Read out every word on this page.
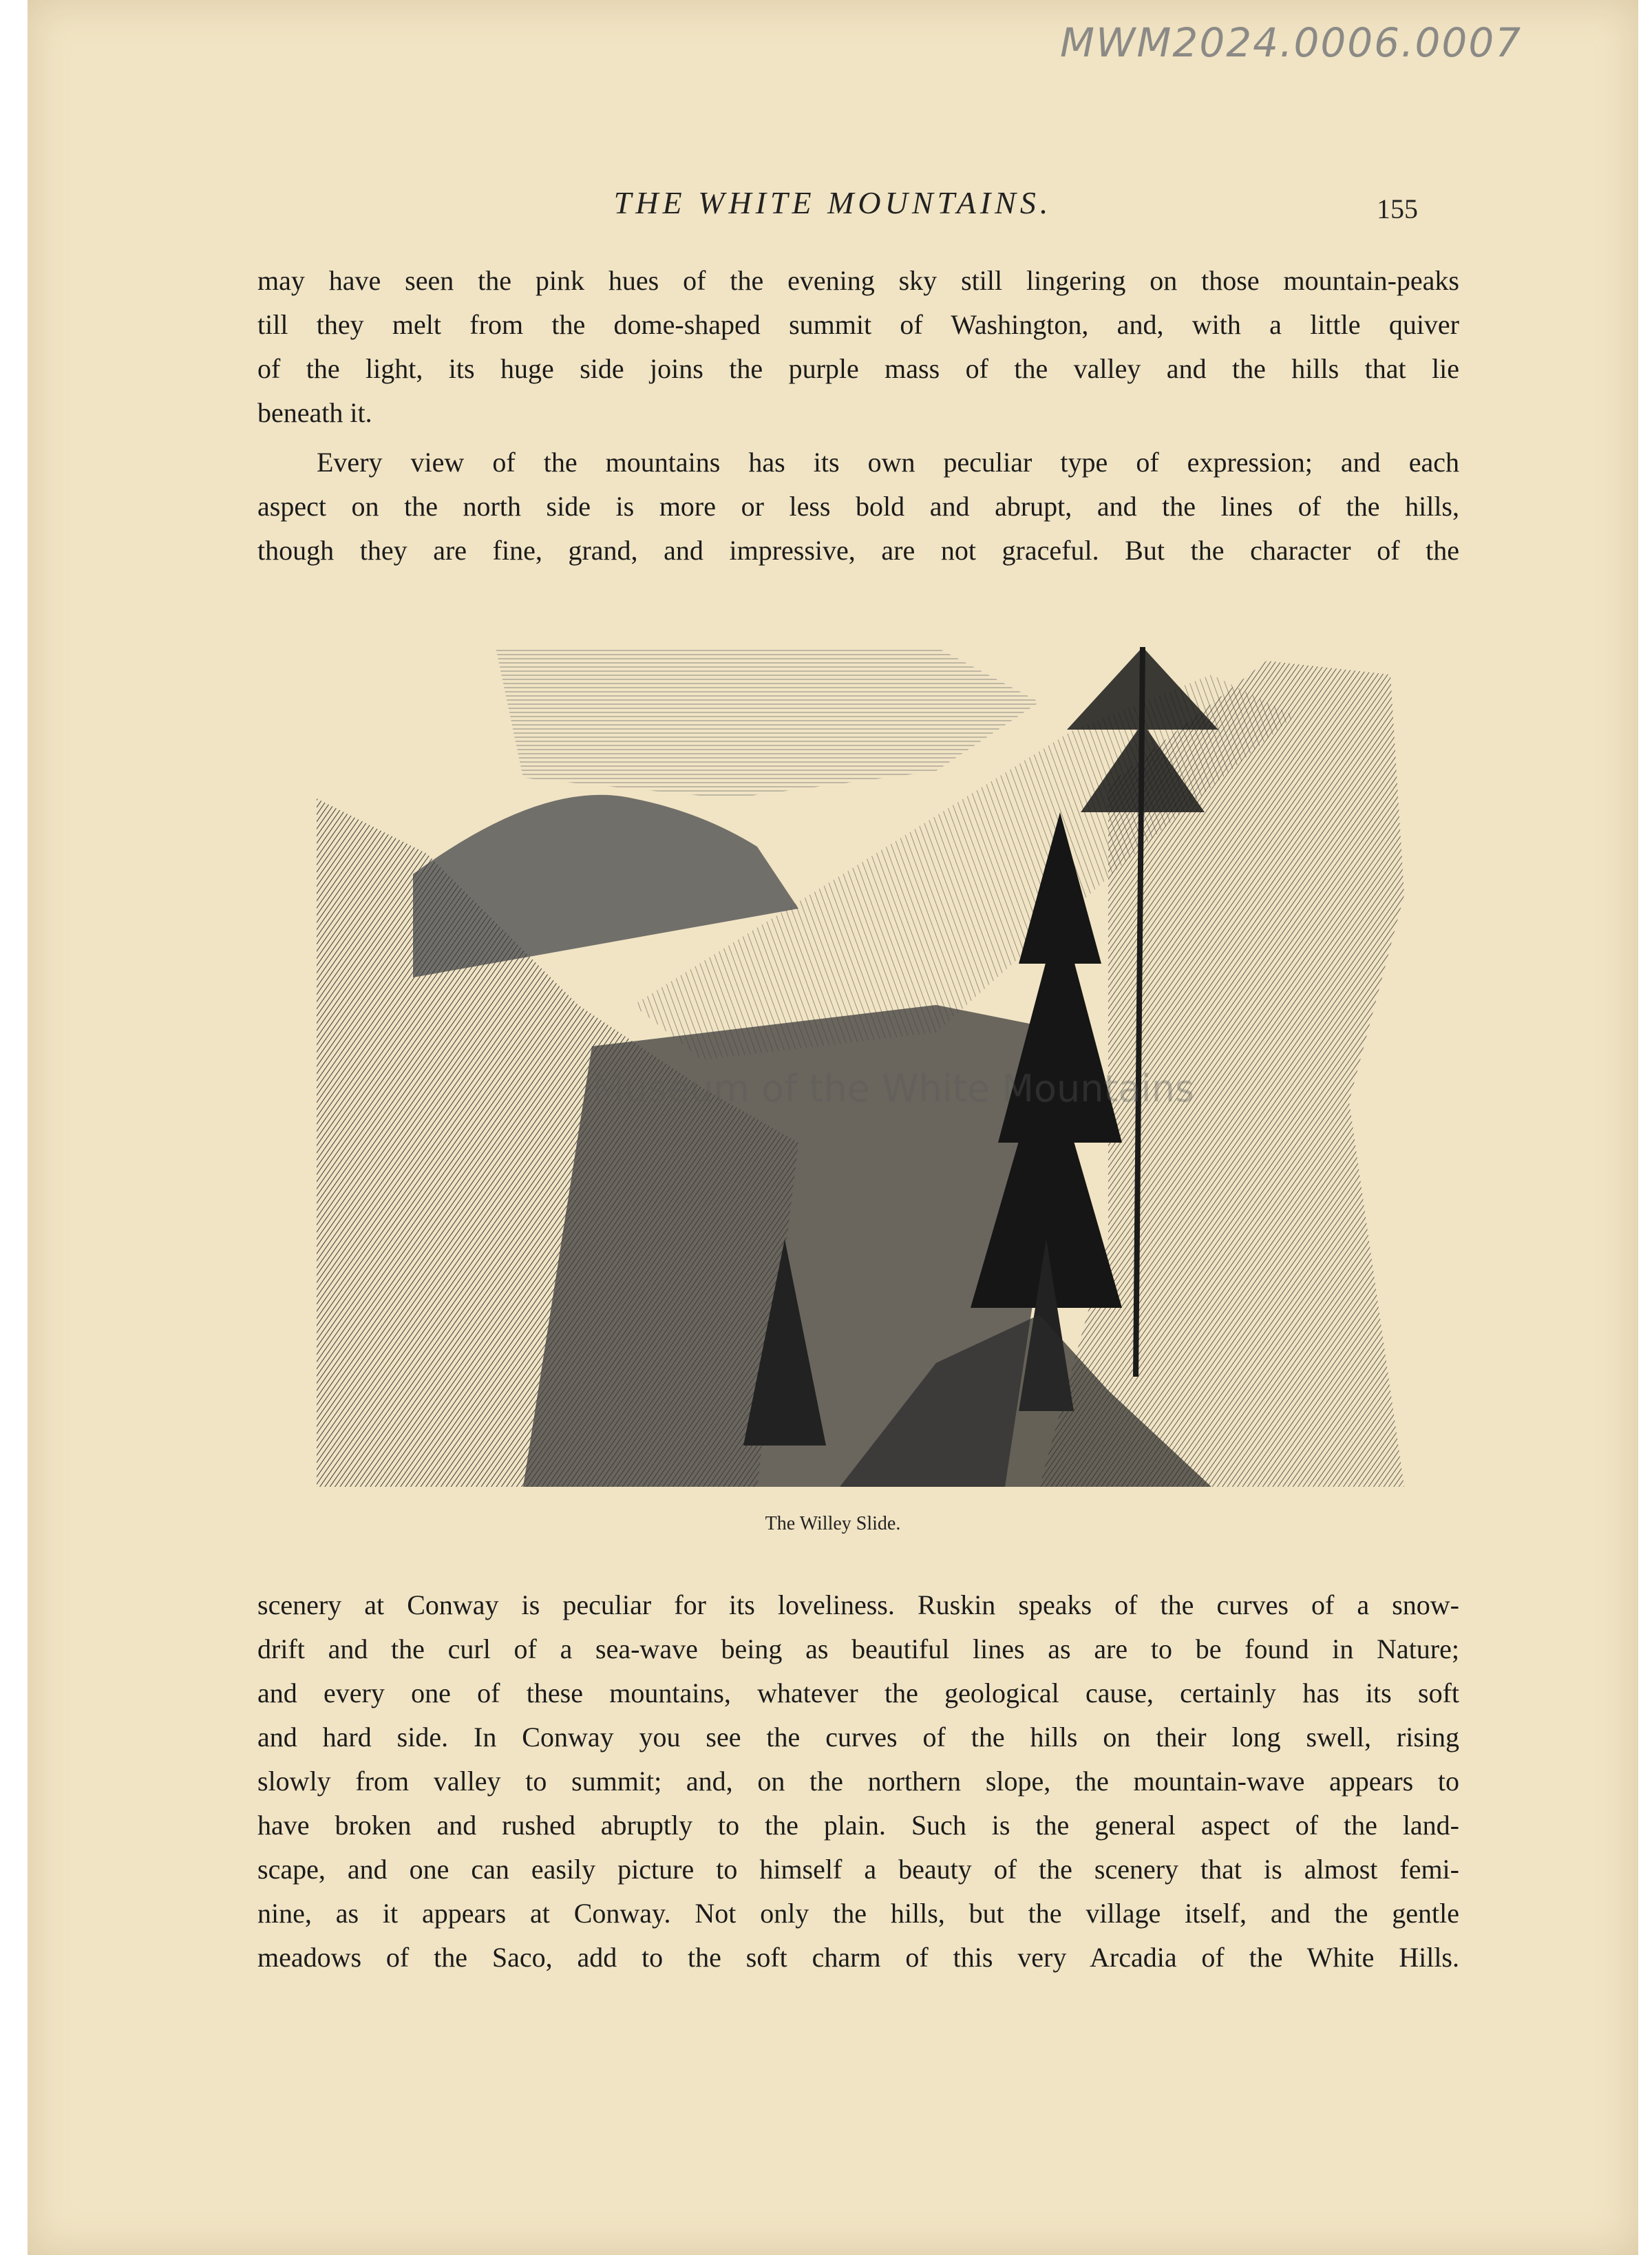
MWM2024.0006.0007
THE WHITE MOUNTAINS.	155
may have seen the pink hues of the evening sky still lingering on those mountain-peaks
till they melt from the dome-shaped summit of Washington, and, with a little quiver
of the light, its huge side joins the purple mass of the valley and the hills that lie
beneath it.
Every view of the mountains has its own peculiar type of expression; and each
aspect on the north side is more or less bold and abrupt, and the lines of the hills,
though they are fine, grand, and impressive, are not graceful. But the character of the
Museum of the White Mountains
The Willey Slide.
scenery at Conway is peculiar for its loveliness. Ruskin speaks of the curves of a snow-
drift and the curl of a sea-wave being as beautiful lines as are to be found in Nature;
and every one of these mountains, whatever the geological cause, certainly has its soft
and hard side. In Conway you see the curves of the hills on their long swell, rising
slowly from valley to summit; and, on the northern slope, the mountain-wave appears to
have broken and rushed abruptly to the plain. Such is the general aspect of the land-
scape, and one can easily picture to himself a beauty of the scenery that is almost femi-
nine, as it appears at Conway. Not only the hills, but the village itself, and the gentle
meadows of the Saco, add to the soft charm of this very Arcadia of the White Hills.
